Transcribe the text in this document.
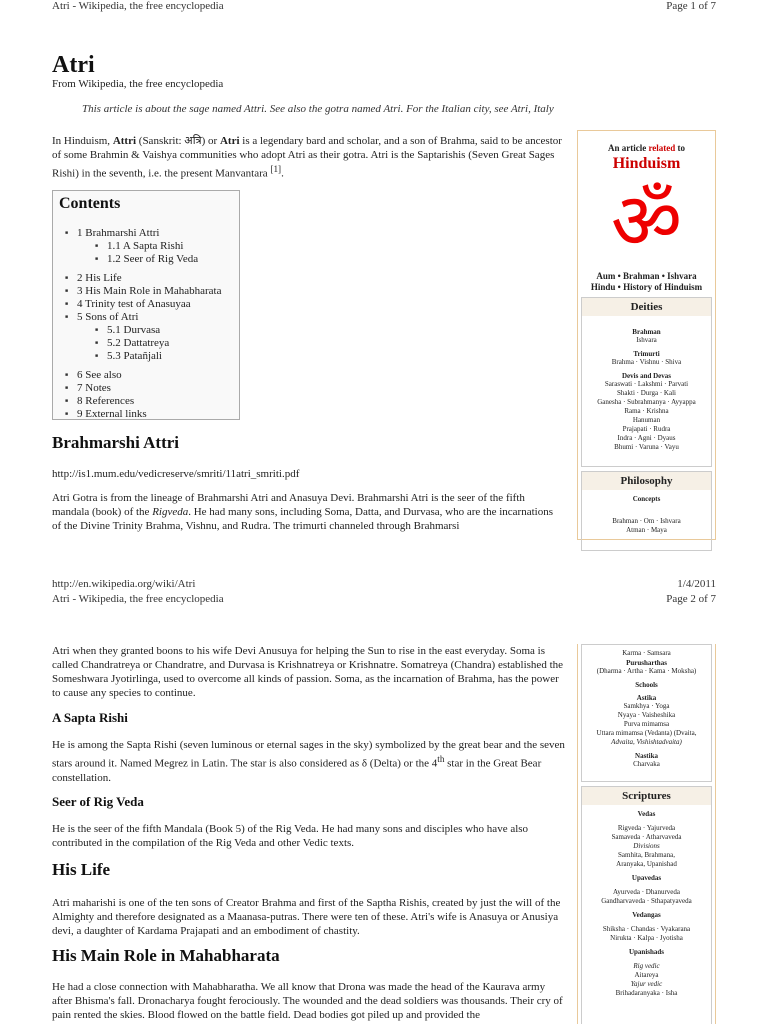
Atri - Wikipedia, the free encyclopedia	Page 1 of 7
Atri
From Wikipedia, the free encyclopedia
This article is about the sage named Attri. See also the gotra named Atri. For the Italian city, see Atri, Italy
In Hinduism, Attri (Sanskrit: अत्रि) or Atri is a legendary bard and scholar, and a son of Brahma, said to be ancestor of some Brahmin & Vaishya communities who adopt Atri as their gotra. Atri is the Saptarishis (Seven Great Sages Rishi) in the seventh, i.e. the present Manvantara [1].
Contents
■ 1 Brahmarshi Attri
■ 1.1 A Sapta Rishi
■ 1.2 Seer of Rig Veda
■ 2 His Life
■ 3 His Main Role in Mahabharata
■ 4 Trinity test of Anasuyaa
■ 5 Sons of Atri
■ 5.1 Durvasa
■ 5.2 Dattatreya
■ 5.3 Patañjali
■ 6 See also
■ 7 Notes
■ 8 References
■ 9 External links
Brahmarshi Attri
http://is1.mum.edu/vedicreserve/smriti/11atri_smriti.pdf
Atri Gotra is from the lineage of Brahmarshi Atri and Anasuya Devi. Brahmarshi Atri is the seer of the fifth mandala (book) of the Rigveda. He had many sons, including Soma, Datta, and Durvasa, who are the incarnations of the Divine Trinity Brahma, Vishnu, and Rudra. The trimurti channeled through Brahmarsi
An article related to
Hinduism
ॐ
Aum • Brahman • Ishvara
Hindu • History of Hinduism
Deities
Brahman
Ishvara
Trimurti
Brahma · Vishnu · Shiva
Devis and Devas
Saraswati · Lakshmi · Parvati
Shakti · Durga · Kali
Ganesha · Subrahmanya · Ayyappa
Rama · Krishna
Hanuman
Prajapati · Rudra
Indra · Agni · Dyaus
Bhumi · Varuna · Vayu
Philosophy
Concepts
Brahman · Om · Ishvara
Atman · Maya
http://en.wikipedia.org/wiki/Atri	1/4/2011
Atri - Wikipedia, the free encyclopedia	Page 2 of 7
Atri when they granted boons to his wife Devi Anusuya for helping the Sun to rise in the east everyday. Soma is called Chandratreya or Chandratre, and Durvasa is Krishnatreya or Krishnatre. Somatreya (Chandra) established the Someshwara Jyotirlinga, used to overcome all kinds of passion. Soma, as the incarnation of Brahma, has the power to cause any species to continue.
A Sapta Rishi
He is among the Sapta Rishi (seven luminous or eternal sages in the sky) symbolized by the great bear and the seven stars around it. Named Megrez in Latin. The star is also considered as δ (Delta) or the 4th star in the Great Bear constellation.
Seer of Rig Veda
He is the seer of the fifth Mandala (Book 5) of the Rig Veda. He had many sons and disciples who have also contributed in the compilation of the Rig Veda and other Vedic texts.
His Life
Atri maharishi is one of the ten sons of Creator Brahma and first of the Saptha Rishis, created by just the will of the Almighty and therefore designated as a Maanasa-putras. There were ten of these. Atri's wife is Anasuya or Anusiya devi, a daughter of Kardama Prajapati and an embodiment of chastity.
His Main Role in Mahabharata
He had a close connection with Mahabharatha. We all know that Drona was made the head of the Kaurava army after Bhisma's fall. Dronacharya fought ferociously. The wounded and the dead soldiers was thousands. Their cry of pain rented the skies. Blood flowed on the battle field. Dead bodies got piled up and provided the
Karma · Samsara
Purusharthas
(Dharma · Artha · Kama · Moksha)
Schools
Astika
Samkhya · Yoga
Nyaya · Vaisheshika
Purva mimamsa
Uttara mimamsa (Vedanta) (Dvaita,
Advaita, Vishishtadvaita)
Nastika
Charvaka
Scriptures
Vedas
Rigveda · Yajurveda
Samaveda · Atharvaveda
Divisions
Samhita, Brahmana,
Aranyaka, Upanishad
Upavedas
Ayurveda · Dhanurveda
Gandharvaveda · Sthapatyaveda
Vedangas
Shiksha · Chandas · Vyakarana
Nirukta · Kalpa · Jyotisha
Upanishads
Rig vedic
Aitareya
Yajur vedic
Brihadaranyaka · Isha
